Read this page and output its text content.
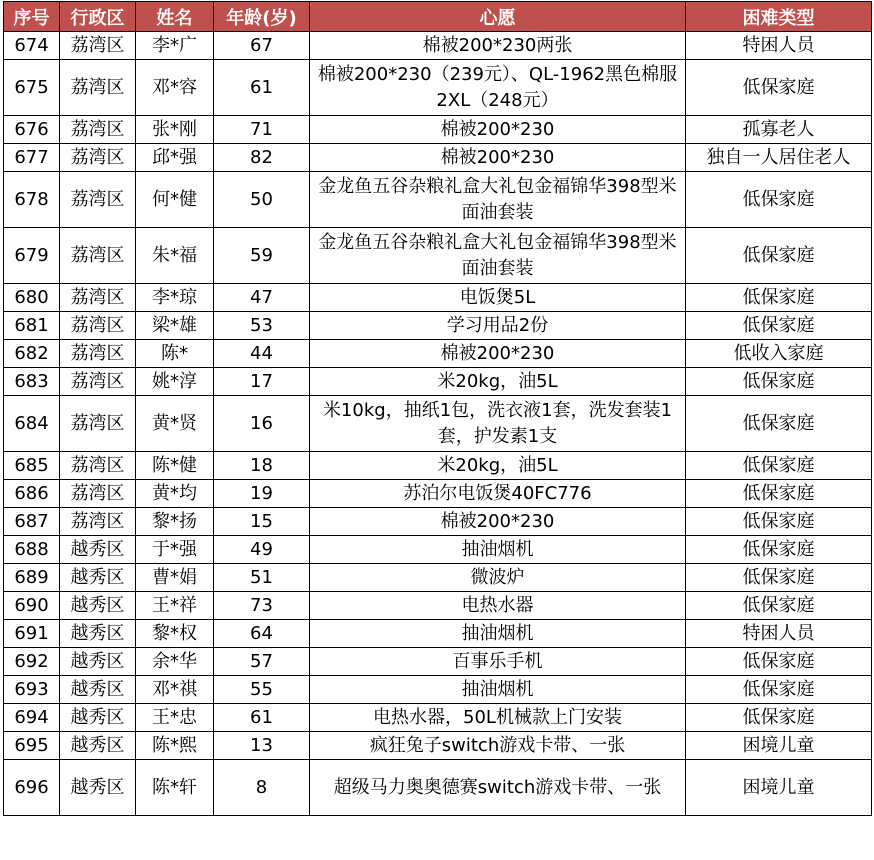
序号	行政区	姓名	年龄(岁)	心愿	困难类型
674	荔湾区	李*广	67	棉被200*230两张	特困人员
675	荔湾区	邓*容	61	棉被200*230（239元）、QL-1962黑色棉服2XL（248元）	低保家庭
676	荔湾区	张*刚	71	棉被200*230	孤寡老人
677	荔湾区	邱*强	82	棉被200*230	独自一人居住老人
678	荔湾区	何*健	50	金龙鱼五谷杂粮礼盒大礼包金福锦华398型米面油套装	低保家庭
679	荔湾区	朱*福	59	金龙鱼五谷杂粮礼盒大礼包金福锦华398型米面油套装	低保家庭
680	荔湾区	李*琼	47	电饭煲5L	低保家庭
681	荔湾区	梁*雄	53	学习用品2份	低保家庭
682	荔湾区	陈*	44	棉被200*230	低收入家庭
683	荔湾区	姚*淳	17	米20kg，油5L	低保家庭
684	荔湾区	黄*贤	16	米10kg，抽纸1包，洗衣液1套，洗发套装1套，护发素1支	低保家庭
685	荔湾区	陈*健	18	米20kg，油5L	低保家庭
686	荔湾区	黄*均	19	苏泊尔电饭煲40FC776	低保家庭
687	荔湾区	黎*扬	15	棉被200*230	低保家庭
688	越秀区	于*强	49	抽油烟机	低保家庭
689	越秀区	曹*娟	51	微波炉	低保家庭
690	越秀区	王*祥	73	电热水器	低保家庭
691	越秀区	黎*权	64	抽油烟机	特困人员
692	越秀区	余*华	57	百事乐手机	低保家庭
693	越秀区	邓*祺	55	抽油烟机	低保家庭
694	越秀区	王*忠	61	电热水器，50L机械款上门安装	低保家庭
695	越秀区	陈*熙	13	疯狂兔子switch游戏卡带、一张	困境儿童
696	越秀区	陈*轩	8	超级马力奥奥德赛switch游戏卡带、一张	困境儿童
